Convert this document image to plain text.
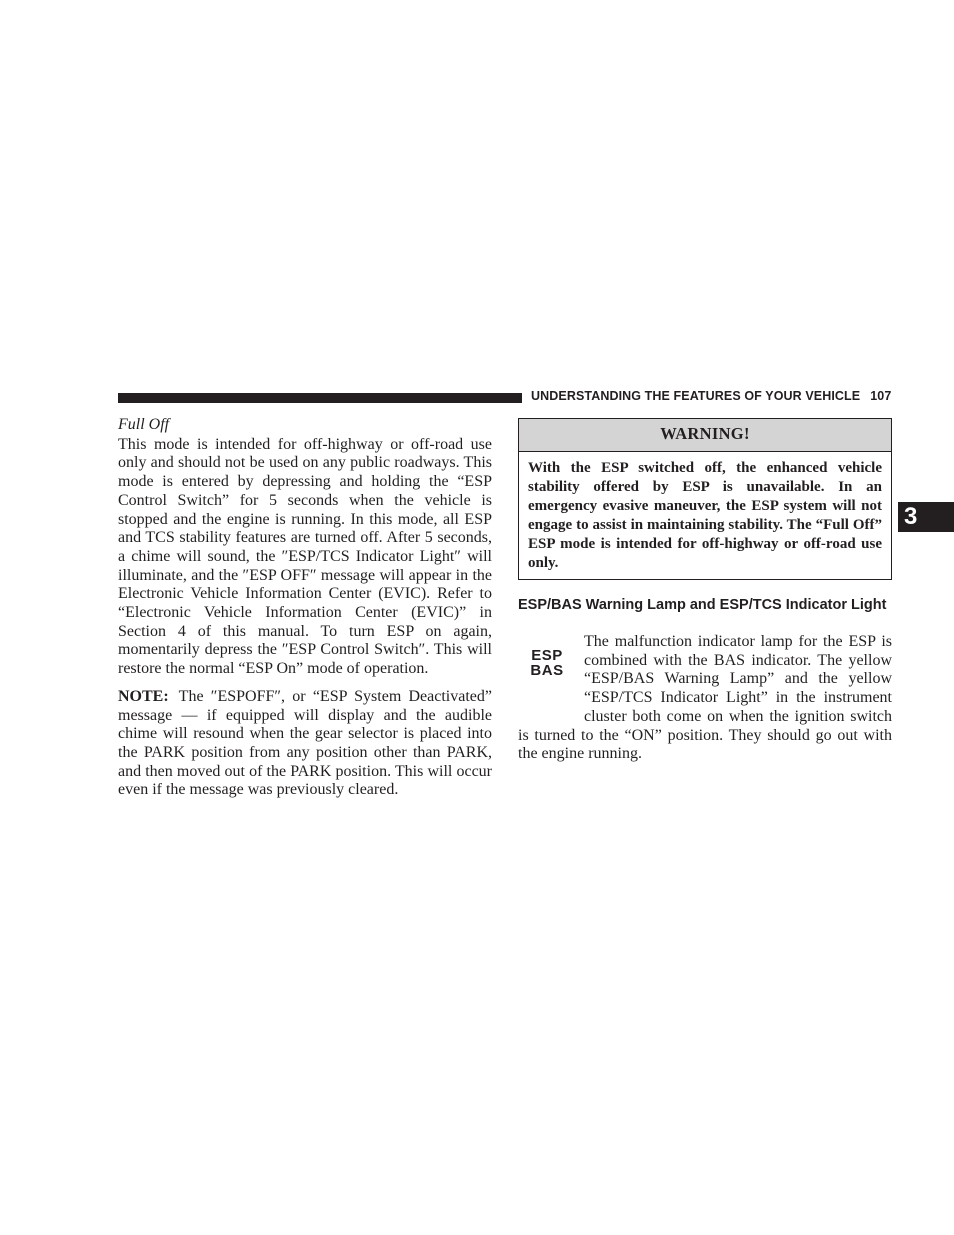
UNDERSTANDING THE FEATURES OF YOUR VEHICLE 107
3

Full Off

This mode is intended for off-highway or off-road use only and should not be used on any public roadways. This mode is entered by depressing and holding the “ESP Control Switch” for 5 seconds when the vehicle is stopped and the engine is running. In this mode, all ESP and TCS stability features are turned off. After 5 seconds, a chime will sound, the ″ESP/TCS Indicator Light″ will illuminate, and the ″ESP OFF″ message will appear in the Electronic Vehicle Information Center (EVIC). Refer to “Electronic Vehicle Information Center (EVIC)” in Section 4 of this manual. To turn ESP on again, momentarily depress the ″ESP Control Switch″. This will restore the normal “ESP On” mode of operation.

NOTE: The ″ESPOFF″, or “ESP System Deactivated” message — if equipped will display and the audible chime will resound when the gear selector is placed into the PARK position from any position other than PARK, and then moved out of the PARK position. This will occur even if the message was previously cleared.

WARNING!
With the ESP switched off, the enhanced vehicle stability offered by ESP is unavailable. In an emergency evasive maneuver, the ESP system will not engage to assist in maintaining stability. The “Full Off” ESP mode is intended for off-highway or off-road use only.
ESP/BAS Warning Lamp and ESP/TCS Indicator Light
ESP
BAS

The malfunction indicator lamp for the ESP is combined with the BAS indicator. The yellow “ESP/BAS Warning Lamp” and the yellow “ESP/TCS Indicator Light” in the instrument cluster both come on when the ignition switch is turned to the “ON” position. They should go out with the engine running.
